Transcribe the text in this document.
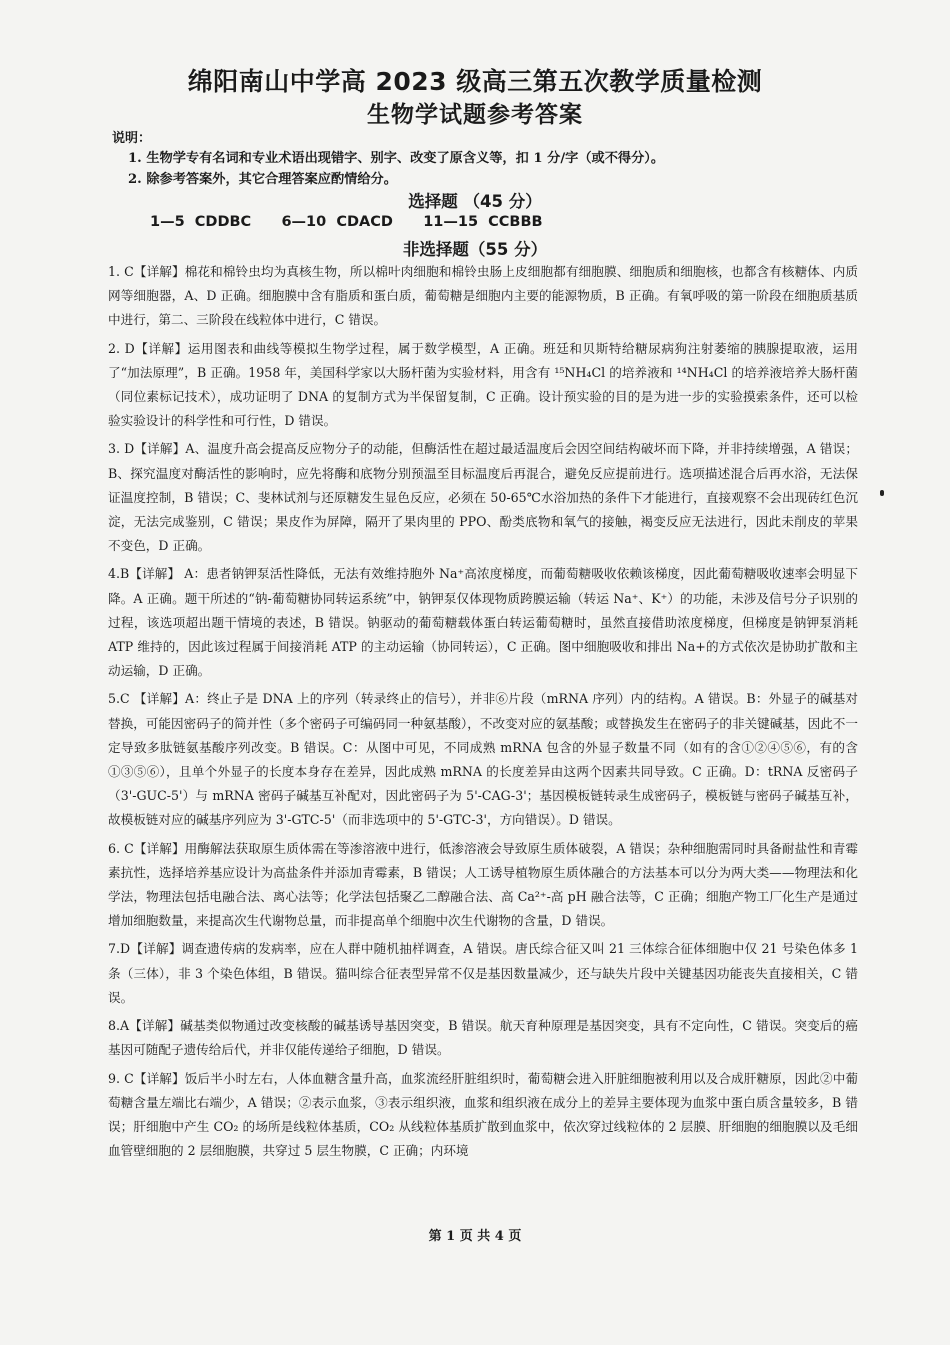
绵阳南山中学高 2023 级高三第五次教学质量检测
生物学试题参考答案
说明：
1. 生物学专有名词和专业术语出现错字、别字、改变了原含义等，扣 1 分/字（或不得分）。
2. 除参考答案外，其它合理答案应酌情给分。
选择题 （45 分）
1—5  CDDBC      6—10  CDACD      11—15  CCBBB
非选择题（55 分）

1. C【详解】棉花和棉铃虫均为真核生物，所以棉叶肉细胞和棉铃虫肠上皮细胞都有细胞膜、细胞质和细胞核，也都含有核糖体、内质网等细胞器，A、D 正确。细胞膜中含有脂质和蛋白质，葡萄糖是细胞内主要的能源物质，B 正确。有氧呼吸的第一阶段在细胞质基质中进行，第二、三阶段在线粒体中进行，C 错误。

2. D【详解】运用图表和曲线等模拟生物学过程，属于数学模型，A 正确。班廷和贝斯特给糖尿病狗注射萎缩的胰腺提取液，运用了“加法原理”，B 正确。1958 年，美国科学家以大肠杆菌为实验材料，用含有 ¹⁵NH₄Cl 的培养液和 ¹⁴NH₄Cl 的培养液培养大肠杆菌（同位素标记技术），成功证明了 DNA 的复制方式为半保留复制，C 正确。设计预实验的目的是为进一步的实验摸索条件，还可以检验实验设计的科学性和可行性，D 错误。

3. D【详解】A、温度升高会提高反应物分子的动能，但酶活性在超过最适温度后会因空间结构破坏而下降，并非持续增强，A 错误；B、探究温度对酶活性的影响时，应先将酶和底物分别预温至目标温度后再混合，避免反应提前进行。选项描述混合后再水浴，无法保证温度控制，B 错误；C、斐林试剂与还原糖发生显色反应，必须在 50-65℃水浴加热的条件下才能进行，直接观察不会出现砖红色沉淀，无法完成鉴别，C 错误；果皮作为屏障，隔开了果肉里的 PPO、酚类底物和氧气的接触，褐变反应无法进行，因此未削皮的苹果不变色，D 正确。

4.B【详解】 A：患者钠钾泵活性降低，无法有效维持胞外 Na⁺高浓度梯度，而葡萄糖吸收依赖该梯度，因此葡萄糖吸收速率会明显下降。A 正确。题干所述的“钠-葡萄糖协同转运系统”中，钠钾泵仅体现物质跨膜运输（转运 Na⁺、K⁺）的功能，未涉及信号分子识别的过程，该选项超出题干情境的表述，B 错误。钠驱动的葡萄糖载体蛋白转运葡萄糖时，虽然直接借助浓度梯度，但梯度是钠钾泵消耗 ATP 维持的，因此该过程属于间接消耗 ATP 的主动运输（协同转运），C 正确。图中细胞吸收和排出 Na+的方式依次是协助扩散和主动运输，D 正确。

5.C 【详解】A：终止子是 DNA 上的序列（转录终止的信号），并非⑥片段（mRNA 序列）内的结构。A 错误。B：外显子的碱基对替换，可能因密码子的简并性（多个密码子可编码同一种氨基酸），不改变对应的氨基酸；或替换发生在密码子的非关键碱基，因此不一定导致多肽链氨基酸序列改变。B 错误。C：从图中可见，不同成熟 mRNA 包含的外显子数量不同（如有的含①②④⑤⑥，有的含①③⑤⑥），且单个外显子的长度本身存在差异，因此成熟 mRNA 的长度差异由这两个因素共同导致。C 正确。D：tRNA 反密码子（3'-GUC-5'）与 mRNA 密码子碱基互补配对，因此密码子为 5'-CAG-3'；基因模板链转录生成密码子，模板链与密码子碱基互补，故模板链对应的碱基序列应为 3'-GTC-5'（而非选项中的 5'-GTC-3'，方向错误）。D 错误。

6. C【详解】用酶解法获取原生质体需在等渗溶液中进行，低渗溶液会导致原生质体破裂，A 错误；杂种细胞需同时具备耐盐性和青霉素抗性，选择培养基应设计为高盐条件并添加青霉素，B 错误；人工诱导植物原生质体融合的方法基本可以分为两大类——物理法和化学法，物理法包括电融合法、离心法等；化学法包括聚乙二醇融合法、高 Ca²⁺-高 pH 融合法等，C 正确；细胞产物工厂化生产是通过增加细胞数量，来提高次生代谢物总量，而非提高单个细胞中次生代谢物的含量，D 错误。

7.D【详解】调查遗传病的发病率，应在人群中随机抽样调查，A 错误。唐氏综合征又叫 21 三体综合征体细胞中仅 21 号染色体多 1 条（三体），非 3 个染色体组，B 错误。猫叫综合征表型异常不仅是基因数量减少，还与缺失片段中关键基因功能丧失直接相关，C 错误。

8.A【详解】碱基类似物通过改变核酸的碱基诱导基因突变，B 错误。航天育种原理是基因突变，具有不定向性，C 错误。突变后的癌基因可随配子遗传给后代，并非仅能传递给子细胞，D 错误。

9. C【详解】饭后半小时左右，人体血糖含量升高，血浆流经肝脏组织时，葡萄糖会进入肝脏细胞被利用以及合成肝糖原，因此②中葡萄糖含量左端比右端少，A 错误；②表示血浆，③表示组织液，血浆和组织液在成分上的差异主要体现为血浆中蛋白质含量较多，B 错误；肝细胞中产生 CO₂ 的场所是线粒体基质，CO₂ 从线粒体基质扩散到血浆中，依次穿过线粒体的 2 层膜、肝细胞的细胞膜以及毛细血管壁细胞的 2 层细胞膜，共穿过 5 层生物膜，C 正确；内环境

第 1 页 共 4 页
